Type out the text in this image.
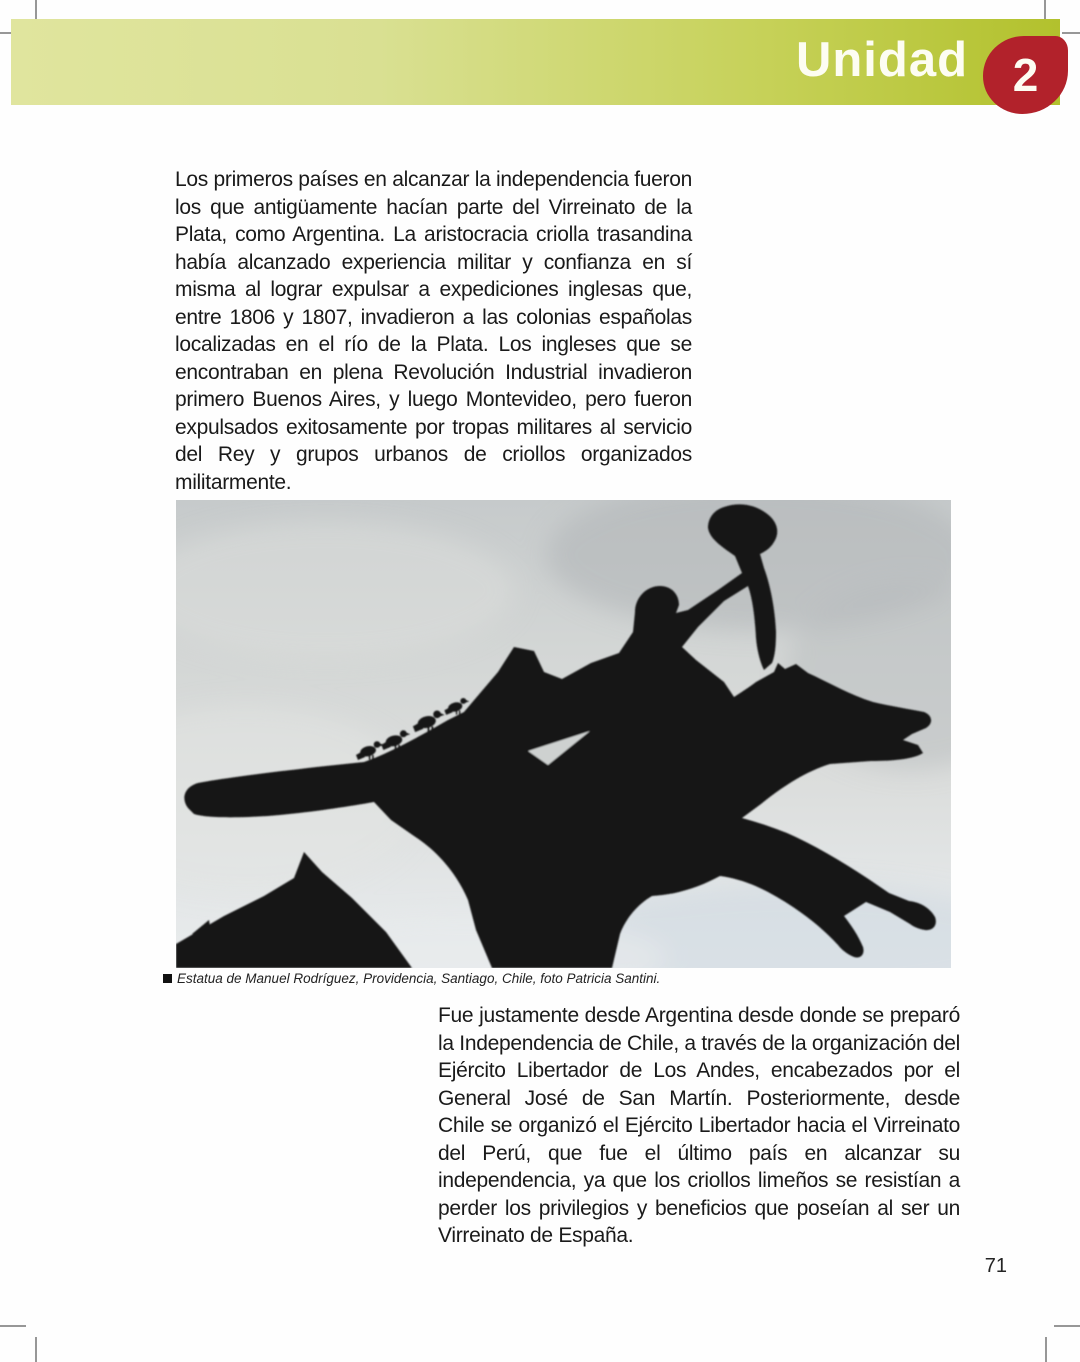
Unidad 2

Los primeros países en alcanzar la independencia fueron los que antigüamente hacían parte del Virreinato de la Plata, como Argentina. La aristocracia criolla trasandina había alcanzado experiencia militar y confianza en sí misma al lograr expulsar a expediciones inglesas que, entre 1806 y 1807, invadieron a las colonias españolas localizadas en el río de la Plata. Los ingleses que se encontraban en plena Revolución Industrial invadieron primero Buenos Aires, y luego Montevideo, pero fueron expulsados exitosamente por tropas militares al servicio del Rey y grupos urbanos de criollos organizados militarmente.

Estatua de Manuel Rodríguez, Providencia, Santiago, Chile, foto Patricia Santini.

Fue justamente desde Argentina desde donde se preparó la Independencia de Chile, a través de la organización del Ejército Libertador de Los Andes, encabezados por el General José de San Martín. Posteriormente, desde Chile se organizó el Ejército Libertador hacia el Virreinato del Perú, que fue el último país en alcanzar su independencia, ya que los criollos limeños se resistían a perder los privilegios y beneficios que poseían al ser un Virreinato de España.

71
